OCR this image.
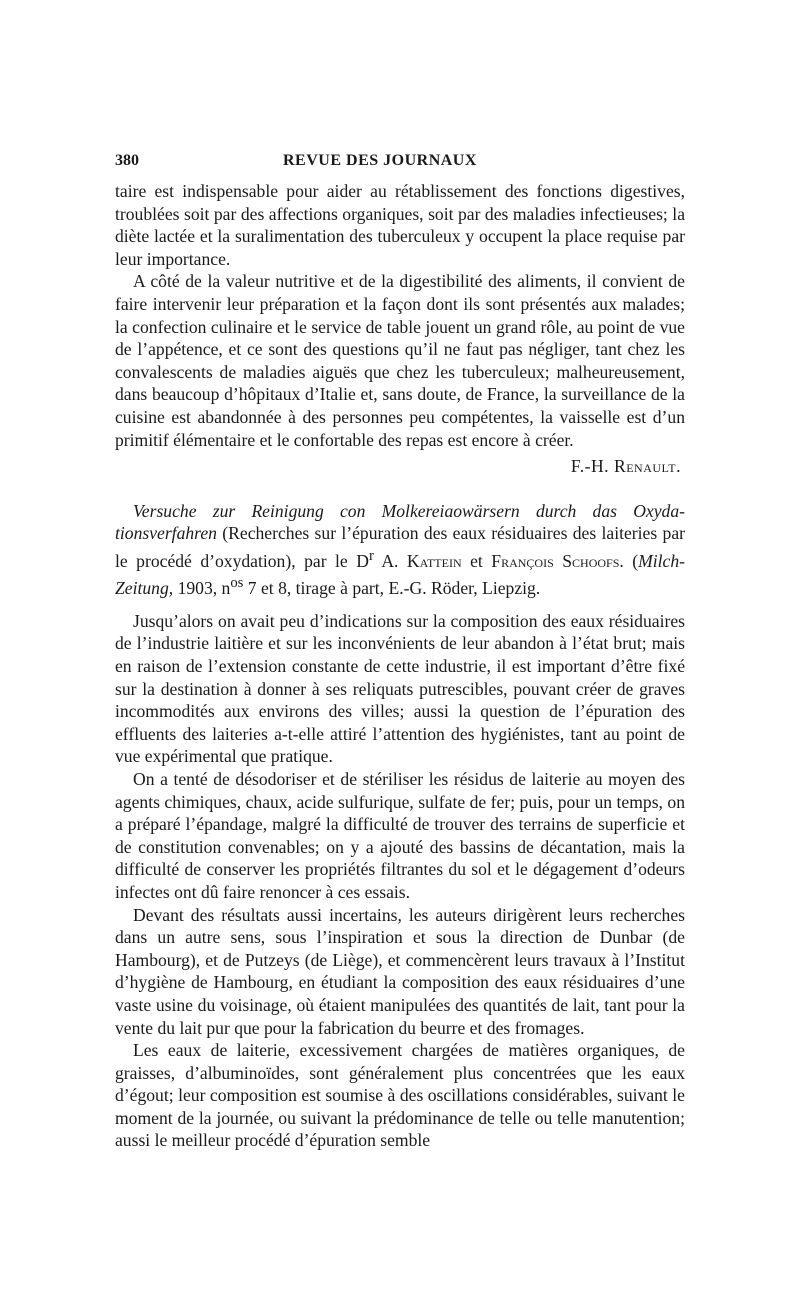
380	REVUE DES JOURNAUX

taire est indispensable pour aider au rétablissement des fonctions digestives, troublées soit par des affections organiques, soit par des maladies infectieuses; la diète lactée et la suralimentation des tuberculeux y occupent la place requise par leur importance.

A côté de la valeur nutritive et de la digestibilité des aliments, il convient de faire intervenir leur préparation et la façon dont ils sont présentés aux malades; la confection culinaire et le service de table jouent un grand rôle, au point de vue de l’appétence, et ce sont des questions qu’il ne faut pas négliger, tant chez les convalescents de maladies aiguës que chez les tuberculeux; malheureusement, dans beaucoup d’hôpitaux d’Italie et, sans doute, de France, la surveillance de la cuisine est abandonnée à des personnes peu compétentes, la vaisselle est d’un primitif élémentaire et le confortable des repas est encore à créer.

F.-H. Renault.

Versuche zur Reinigung con Molkereiaowärsern durch das Oxydationsverfahren (Recherches sur l’épuration des eaux résiduaires des laiteries par le procédé d’oxydation), par le $D^r$ A. Kattein et François Schoofs. (Milch-Zeitung, 1903, $n^{os}$ 7 et 8, tirage à part, E.-G. Röder, Liepzig.

Jusqu’alors on avait peu d’indications sur la composition des eaux résiduaires de l’industrie laitière et sur les inconvénients de leur abandon à l’état brut; mais en raison de l’extension constante de cette industrie, il est important d’être fixé sur la destination à donner à ses reliquats putrescibles, pouvant créer de graves incommodités aux environs des villes; aussi la question de l’épuration des effluents des laiteries a-t-elle attiré l’attention des hygiénistes, tant au point de vue expérimental que pratique.

On a tenté de désodoriser et de stériliser les résidus de laiterie au moyen des agents chimiques, chaux, acide sulfurique, sulfate de fer; puis, pour un temps, on a préparé l’épandage, malgré la difficulté de trouver des terrains de superficie et de constitution convenables; on y a ajouté des bassins de décantation, mais la difficulté de conserver les propriétés filtrantes du sol et le dégagement d’odeurs infectes ont dû faire renoncer à ces essais.

Devant des résultats aussi incertains, les auteurs dirigèrent leurs recherches dans un autre sens, sous l’inspiration et sous la direction de Dunbar (de Hambourg), et de Putzeys (de Liège), et commencèrent leurs travaux à l’Institut d’hygiène de Hambourg, en étudiant la composition des eaux résiduaires d’une vaste usine du voisinage, où étaient manipulées des quantités de lait, tant pour la vente du lait pur que pour la fabrication du beurre et des fromages.

Les eaux de laiterie, excessivement chargées de matières organiques, de graisses, d’albuminoïdes, sont généralement plus concentrées que les eaux d’égout; leur composition est soumise à des oscillations considérables, suivant le moment de la journée, ou suivant la prédominance de telle ou telle manutention; aussi le meilleur procédé d’épuration semble
